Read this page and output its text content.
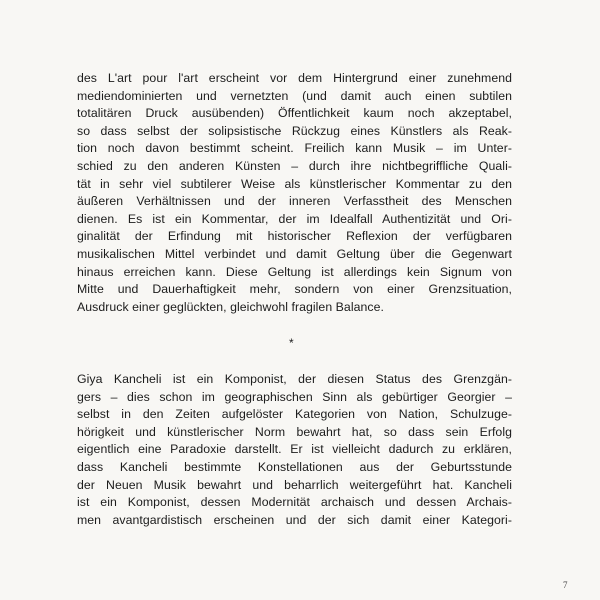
des L'art pour l'art erscheint vor dem Hintergrund einer zunehmend
mediendominierten und vernetzten (und damit auch einen subtilen
totalitären Druck ausübenden) Öffentlichkeit kaum noch akzeptabel,
so dass selbst der solipsistische Rückzug eines Künstlers als Reak-
tion noch davon bestimmt scheint. Freilich kann Musik – im Unter-
schied zu den anderen Künsten – durch ihre nichtbegriffliche Quali-
tät in sehr viel subtilerer Weise als künstlerischer Kommentar zu den
äußeren Verhältnissen und der inneren Verfasstheit des Menschen
dienen. Es ist ein Kommentar, der im Idealfall Authentizität und Ori-
ginalität der Erfindung mit historischer Reflexion der verfügbaren
musikalischen Mittel verbindet und damit Geltung über die Gegenwart
hinaus erreichen kann. Diese Geltung ist allerdings kein Signum von
Mitte und Dauerhaftigkeit mehr, sondern von einer Grenzsituation,
Ausdruck einer geglückten, gleichwohl fragilen Balance.
*
Giya Kancheli ist ein Komponist, der diesen Status des Grenzgän-
gers – dies schon im geographischen Sinn als gebürtiger Georgier –
selbst in den Zeiten aufgelöster Kategorien von Nation, Schulzuge-
hörigkeit und künstlerischer Norm bewahrt hat, so dass sein Erfolg
eigentlich eine Paradoxie darstellt. Er ist vielleicht dadurch zu erklären,
dass Kancheli bestimmte Konstellationen aus der Geburtsstunde
der Neuen Musik bewahrt und beharrlich weitergeführt hat. Kancheli
ist ein Komponist, dessen Modernität archaisch und dessen Archais-
men avantgardistisch erscheinen und der sich damit einer Kategori-
7
